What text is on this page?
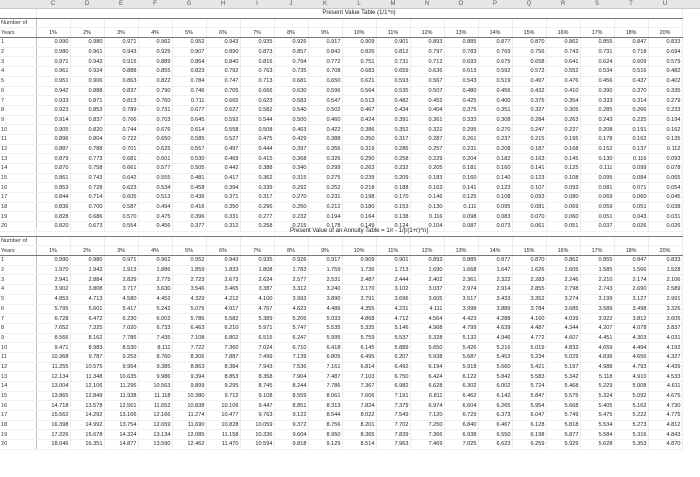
C	D	E	F	G	H	I	J	K	L	M	N	O	P	Q	R	S	T	U
	Present Value Table (1/1^n)																		
Number of																			
Years	1%	2%	3%	4%	5%	6%	7%	8%	9%	10%	11%	12%	13%	14%	15%	16%	17%	18%	20%
1	0.990	0.980	0.971	0.962	0.952	0.943	0.935	0.926	0.917	0.909	0.901	0.893	0.885	0.877	0.870	0.862	0.855	0.847	0.833
2	0.980	0.961	0.943	0.925	0.907	0.890	0.873	0.857	0.842	0.826	0.812	0.797	0.783	0.769	0.756	0.743	0.731	0.718	0.694
3	0.971	0.942	0.915	0.889	0.864	0.840	0.816	0.794	0.772	0.751	0.731	0.712	0.693	0.675	0.658	0.641	0.624	0.609	0.579
4	0.961	0.924	0.888	0.855	0.823	0.792	0.763	0.735	0.708	0.683	0.659	0.636	0.613	0.592	0.572	0.552	0.534	0.516	0.482
5	0.951	0.906	0.863	0.822	0.784	0.747	0.713	0.681	0.650	0.621	0.593	0.567	0.543	0.519	0.497	0.476	0.456	0.437	0.402
6	0.942	0.888	0.837	0.790	0.746	0.705	0.666	0.630	0.596	0.564	0.535	0.507	0.480	0.456	0.432	0.410	0.390	0.370	0.335
7	0.933	0.871	0.813	0.760	0.711	0.665	0.623	0.583	0.547	0.513	0.482	0.452	0.425	0.400	0.376	0.354	0.333	0.314	0.279
8	0.923	0.853	0.789	0.731	0.677	0.627	0.582	0.540	0.502	0.467	0.434	0.404	0.376	0.351	0.327	0.305	0.285	0.266	0.233
9	0.914	0.837	0.766	0.703	0.645	0.592	0.544	0.500	0.460	0.424	0.391	0.361	0.333	0.308	0.284	0.263	0.243	0.225	0.194
10	0.905	0.820	0.744	0.676	0.614	0.558	0.508	0.463	0.422	0.386	0.352	0.322	0.295	0.270	0.247	0.227	0.208	0.191	0.162
11	0.896	0.804	0.722	0.650	0.585	0.527	0.475	0.429	0.388	0.350	0.317	0.287	0.261	0.237	0.215	0.195	0.178	0.162	0.135
12	0.887	0.788	0.701	0.625	0.557	0.497	0.444	0.397	0.356	0.319	0.286	0.257	0.231	0.208	0.187	0.168	0.152	0.137	0.112
13	0.879	0.773	0.681	0.601	0.530	0.469	0.415	0.368	0.326	0.290	0.258	0.229	0.204	0.182	0.163	0.145	0.130	0.116	0.093
14	0.870	0.758	0.661	0.577	0.505	0.442	0.388	0.340	0.299	0.263	0.232	0.205	0.181	0.160	0.141	0.125	0.111	0.099	0.078
15	0.861	0.743	0.642	0.555	0.481	0.417	0.362	0.315	0.275	0.239	0.209	0.183	0.160	0.140	0.123	0.108	0.095	0.084	0.065
16	0.853	0.728	0.623	0.534	0.458	0.394	0.339	0.292	0.252	0.218	0.188	0.163	0.141	0.123	0.107	0.093	0.081	0.071	0.054
17	0.844	0.714	0.605	0.513	0.436	0.371	0.317	0.270	0.231	0.198	0.170	0.146	0.125	0.108	0.093	0.080	0.069	0.060	0.045
18	0.836	0.700	0.587	0.494	0.416	0.350	0.296	0.250	0.212	0.180	0.153	0.130	0.111	0.095	0.081	0.069	0.059	0.051	0.038
19	0.828	0.686	0.570	0.475	0.396	0.331	0.277	0.232	0.194	0.164	0.138	0.116	0.098	0.083	0.070	0.060	0.051	0.043	0.031
20	0.820	0.673	0.554	0.456	0.377	0.312	0.258	0.215	0.178	0.149	0.124	0.104	0.087	0.073	0.061	0.051	0.037	0.026	0.026
	Present Value of an Annuity Table = 1/r - 1/[r(1+r)^n]																		
Number of																			
Years	1%	2%	3%	4%	5%	6%	7%	8%	9%	10%	11%	12%	13%	14%	15%	16%	17%	18%	20%
1	0.990	0.980	0.971	0.962	0.952	0.943	0.935	0.926	0.917	0.909	0.901	0.893	0.885	0.877	0.870	0.862	0.855	0.847	0.833
2	1.970	1.942	1.913	1.886	1.859	1.833	1.808	1.783	1.759	1.736	1.713	1.690	1.668	1.647	1.626	1.605	1.585	1.566	1.528
3	2.941	2.884	2.829	2.775	2.723	2.673	2.624	2.577	2.531	2.487	2.444	2.402	2.361	2.322	2.283	2.246	2.210	2.174	2.106
4	3.902	3.808	3.717	3.630	3.546	3.465	3.387	3.312	3.240	3.170	3.102	3.037	2.974	2.914	2.855	2.798	2.743	2.690	2.589
5	4.853	4.713	4.580	4.452	4.329	4.212	4.100	3.993	3.890	3.791	3.696	3.605	3.517	3.433	3.352	3.274	3.199	3.127	2.991
6	5.795	5.601	5.417	5.242	5.076	4.917	4.767	4.623	4.486	4.355	4.231	4.111	3.998	3.889	3.784	3.685	3.589	3.498	3.326
7	6.728	6.472	6.230	6.002	5.786	5.582	5.389	5.206	5.033	4.868	4.712	4.564	4.423	4.288	4.160	4.039	3.922	3.812	3.605
8	7.652	7.325	7.020	6.733	6.463	6.210	5.971	5.747	5.535	5.335	5.146	4.968	4.799	4.639	4.487	4.344	4.207	4.078	3.837
9	8.566	8.162	7.786	7.435	7.108	6.802	6.515	6.247	5.995	5.759	5.537	5.328	5.132	4.946	4.772	4.607	4.451	4.303	4.031
10	9.471	8.983	8.530	8.111	7.722	7.360	7.024	6.710	6.418	6.145	5.889	5.650	5.426	5.216	5.019	4.833	4.659	4.494	4.192
11	10.368	9.787	9.253	8.760	8.306	7.887	7.499	7.139	6.805	6.495	6.207	5.938	5.687	5.453	5.234	5.029	4.836	4.656	4.327
12	11.255	10.575	9.954	9.385	8.863	8.384	7.943	7.536	7.161	6.814	6.492	6.194	5.918	5.660	5.421	5.197	4.988	4.793	4.439
13	12.134	11.348	10.635	9.986	9.394	8.853	8.358	7.904	7.487	7.103	6.750	6.424	6.122	5.842	5.583	5.342	5.118	4.910	4.533
14	13.004	12.106	11.296	10.563	9.899	9.295	8.745	8.244	7.786	7.367	6.982	6.628	6.302	6.002	5.724	5.468	5.229	5.008	4.611
15	13.865	12.849	11.938	11.118	10.380	9.712	9.108	8.559	8.061	7.606	7.191	6.811	6.462	6.142	5.847	5.575	5.324	5.092	4.675
16	14.718	13.578	12.561	11.652	10.838	10.106	9.447	8.851	8.313	7.824	7.379	6.974	6.604	6.265	5.954	5.668	5.405	5.162	4.730
17	15.562	14.292	13.166	12.166	11.274	10.477	9.763	9.122	8.544	8.022	7.549	7.120	6.729	6.373	6.047	5.749	5.475	5.222	4.775
18	16.398	14.992	13.754	12.659	11.690	10.828	10.059	9.372	8.756	8.201	7.702	7.250	6.840	6.467	6.128	5.818	5.534	5.273	4.812
19	17.226	15.678	14.324	13.134	12.085	11.158	10.336	9.604	8.950	8.365	7.839	7.366	6.938	6.550	6.198	5.877	5.584	5.316	4.843
20	18.046	16.351	14.877	13.590	12.462	11.470	10.594	9.818	9.129	8.514	7.963	7.469	7.025	6.623	6.259	5.929	5.628	5.353	4.870
